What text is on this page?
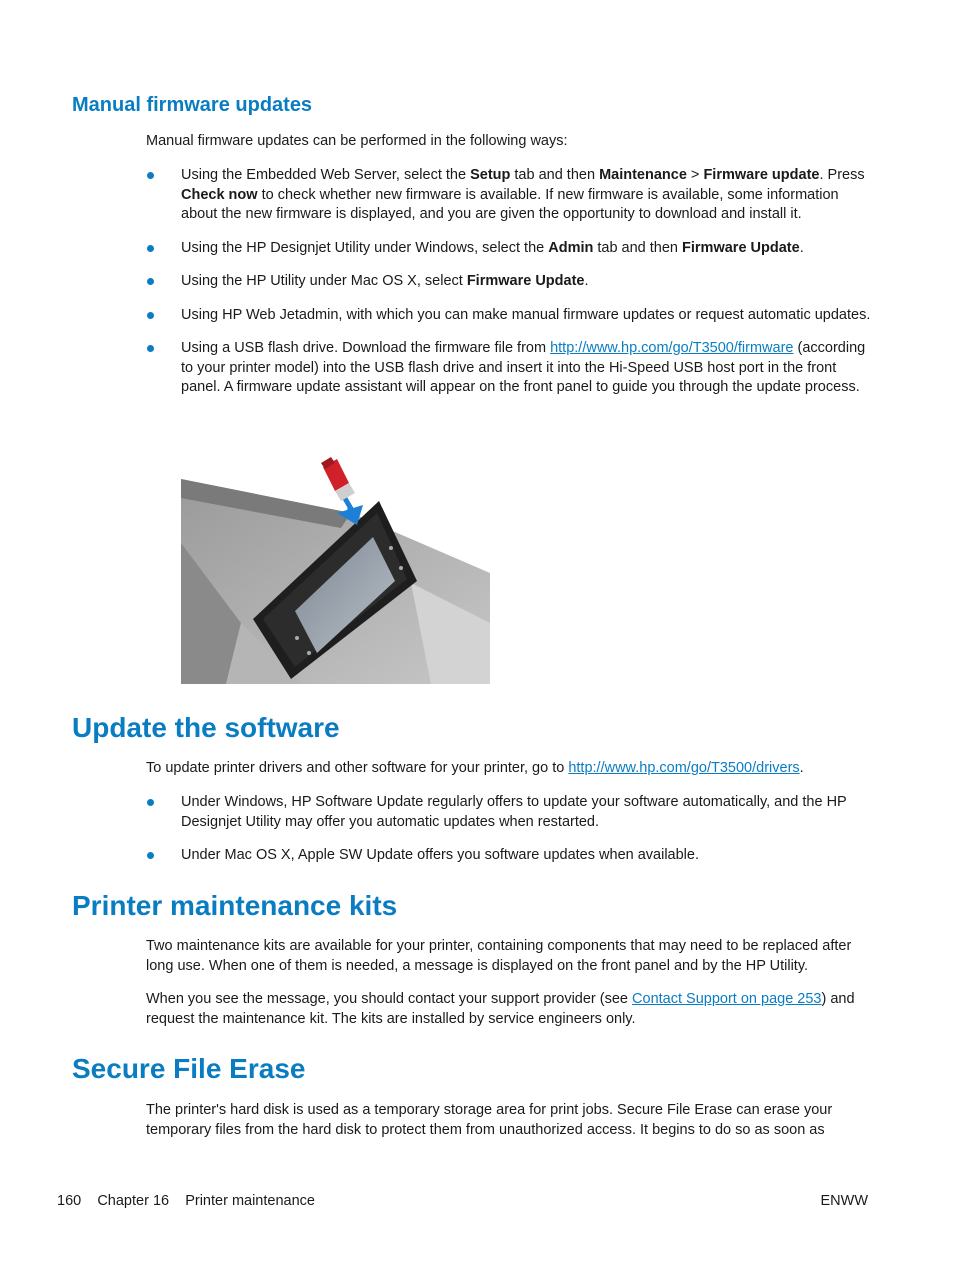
Manual firmware updates

Manual firmware updates can be performed in the following ways:

Using the Embedded Web Server, select the Setup tab and then Maintenance > Firmware update. Press Check now to check whether new firmware is available. If new firmware is available, some information about the new firmware is displayed, and you are given the opportunity to download and install it.
Using the HP Designjet Utility under Windows, select the Admin tab and then Firmware Update.
Using the HP Utility under Mac OS X, select Firmware Update.
Using HP Web Jetadmin, with which you can make manual firmware updates or request automatic updates.
Using a USB flash drive. Download the firmware file from http://www.hp.com/go/T3500/firmware (according to your printer model) into the USB flash drive and insert it into the Hi-Speed USB host port in the front panel. A firmware update assistant will appear on the front panel to guide you through the update process.
Update the software

To update printer drivers and other software for your printer, go to http://www.hp.com/go/T3500/drivers.

Under Windows, HP Software Update regularly offers to update your software automatically, and the HP Designjet Utility may offer you automatic updates when restarted.
Under Mac OS X, Apple SW Update offers you software updates when available.
Printer maintenance kits

Two maintenance kits are available for your printer, containing components that may need to be replaced after long use. When one of them is needed, a message is displayed on the front panel and by the HP Utility.

When you see the message, you should contact your support provider (see Contact Support on page 253) and request the maintenance kit. The kits are installed by service engineers only.

Secure File Erase

The printer's hard disk is used as a temporary storage area for print jobs. Secure File Erase can erase your temporary files from the hard disk to protect them from unauthorized access. It begins to do so as soon as

160 Chapter 16 Printer maintenance	ENWW
